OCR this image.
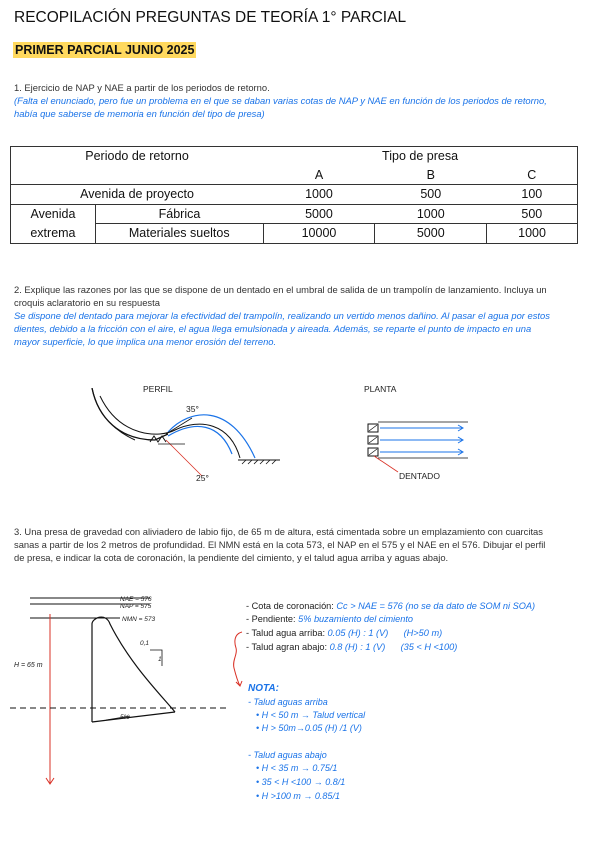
RECOPILACIÓN PREGUNTAS DE TEORÍA 1° PARCIAL
PRIMER PARCIAL JUNIO 2025
1. Ejercicio de NAP y NAE a partir de los periodos de retorno.
(Falta el enunciado, pero fue un problema en el que se daban varias cotas de NAP y NAE en función de los periodos de retorno,
había que saberse de memoria en función del tipo de presa)
Periodo de retorno		Tipo de presa		
		A	B	C
Avenida de proyecto		1000	500	100
Avenida	Fábrica	5000	1000	500
extrema	Materiales sueltos	10000	5000	1000
2. Explique las razones por las que se dispone de un dentado en el umbral de salida de un trampolín de lanzamiento. Incluya un
croquis aclaratorio en su respuesta
Se dispone del dentado para mejorar la efectividad del trampolín, realizando un vertido menos dañino. Al pasar el agua por estos
dientes, debido a la fricción con el aire, el agua llega emulsionada y aireada. Además, se reparte el punto de impacto en una
mayor superficie, lo que implica una menor erosión del terreno.
PERFIL
35°
25°
PLANTA
DENTADO
3. Una presa de gravedad con aliviadero de labio fijo, de 65 m de altura, está cimentada sobre un emplazamiento con cuarcitas
sanas a partir de los 2 metros de profundidad. El NMN está en la cota 573, el NAP en el 575 y el NAE en el 576. Dibujar el perfil
de presa, e indicar la cota de coronación, la pendiente del cimiento, y el talud agua arriba y aguas abajo.
NAE = 576
NAP = 575
NMN = 573
H = 65 m
0,1
1
5%
- Cota de coronación: Cc > NAE = 576 (no se da dato de SOM ni SOA)
- Pendiente: 5% buzamiento del cimiento
- Talud agua arriba: 0.05 (H) : 1 (V)      (H>50 m)
- Talud agran abajo: 0.8 (H) : 1 (V)      (35 < H <100)
NOTA:
- Talud aguas arriba
• H < 50 m → Talud vertical
• H > 50m→0.05 (H) /1 (V)
- Talud aguas abajo
• H < 35 m → 0.75/1
• 35 < H <100 → 0.8/1
• H >100 m → 0.85/1
